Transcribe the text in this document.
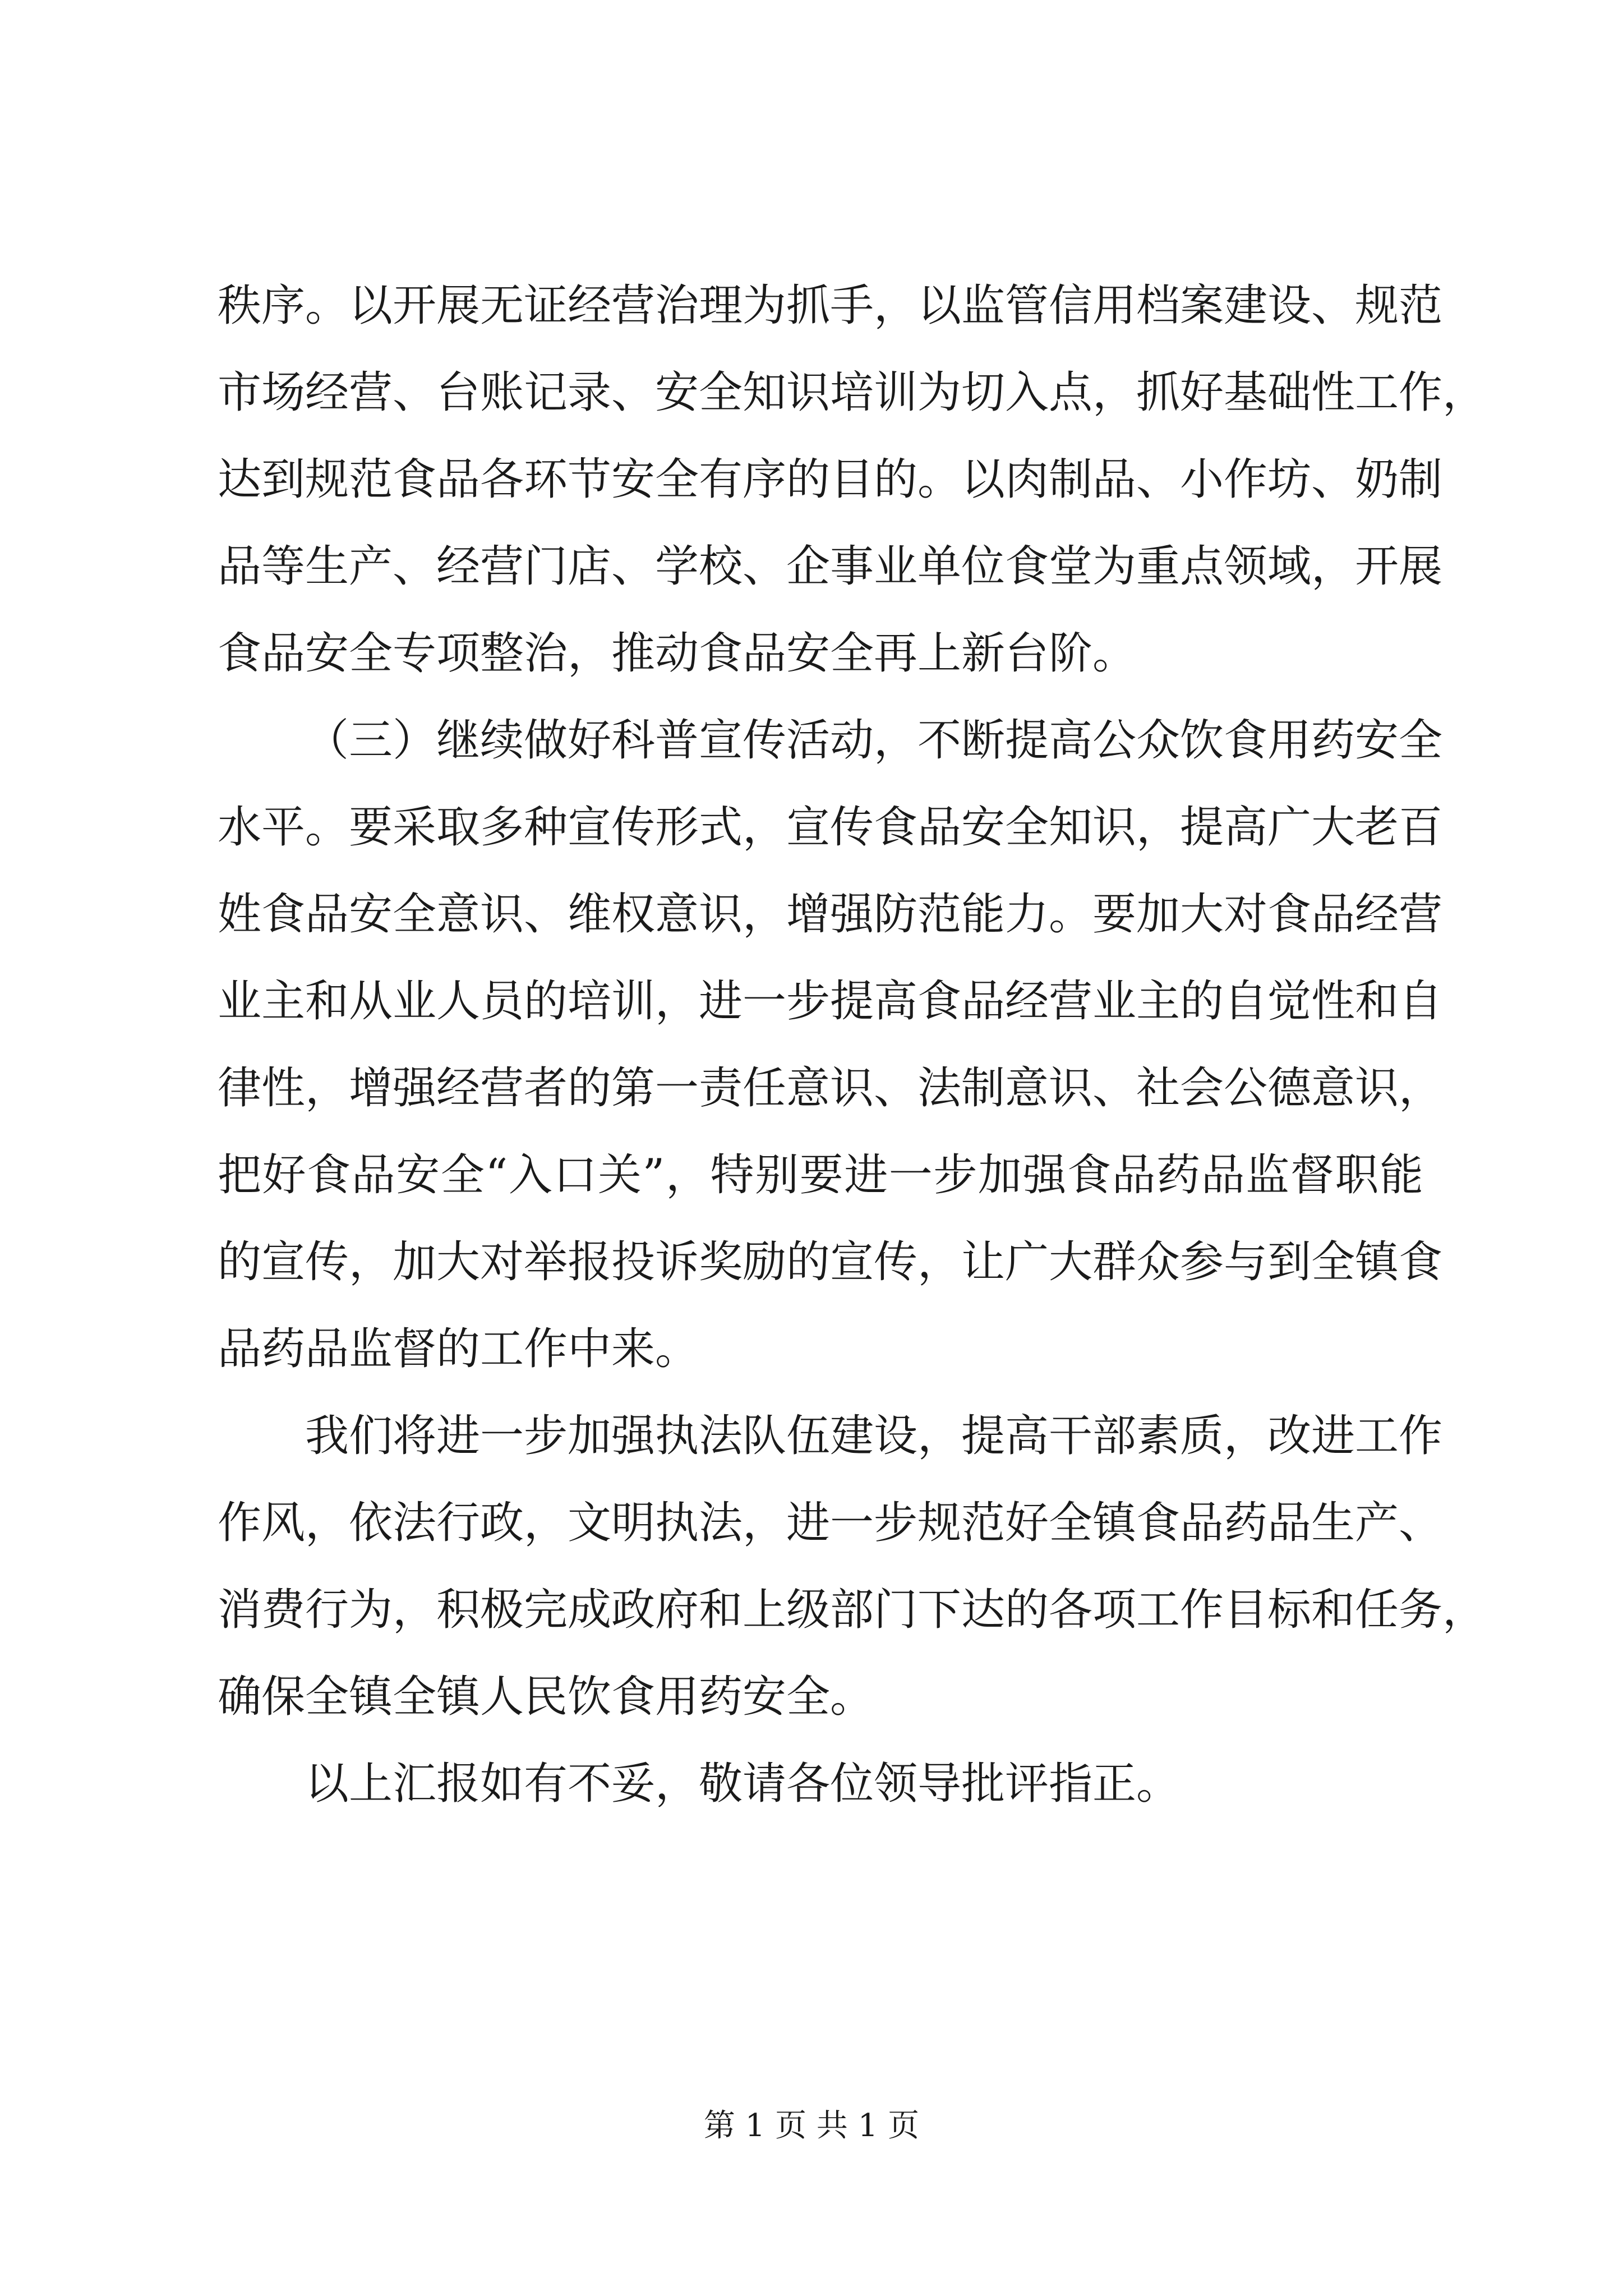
秩序。以开展无证经营治理为抓手，以监管信用档案建设、规范
市场经营、台账记录、安全知识培训为切入点，抓好基础性工作，
达到规范食品各环节安全有序的目的。以肉制品、小作坊、奶制
品等生产、经营门店、学校、企事业单位食堂为重点领域，开展
食品安全专项整治，推动食品安全再上新台阶。
（三）继续做好科普宣传活动，不断提高公众饮食用药安全
水平。要采取多种宣传形式，宣传食品安全知识，提高广大老百
姓食品安全意识、维权意识，增强防范能力。要加大对食品经营
业主和从业人员的培训，进一步提高食品经营业主的自觉性和自
律性，增强经营者的第一责任意识、法制意识、社会公德意识，
把好食品安全“入口关”，特别要进一步加强食品药品监督职能
的宣传，加大对举报投诉奖励的宣传，让广大群众参与到全镇食
品药品监督的工作中来。
我们将进一步加强执法队伍建设，提高干部素质，改进工作
作风，依法行政，文明执法，进一步规范好全镇食品药品生产、
消费行为，积极完成政府和上级部门下达的各项工作目标和任务，
确保全镇全镇人民饮食用药安全。
以上汇报如有不妥，敬请各位领导批评指正。
第 1 页 共 1 页
